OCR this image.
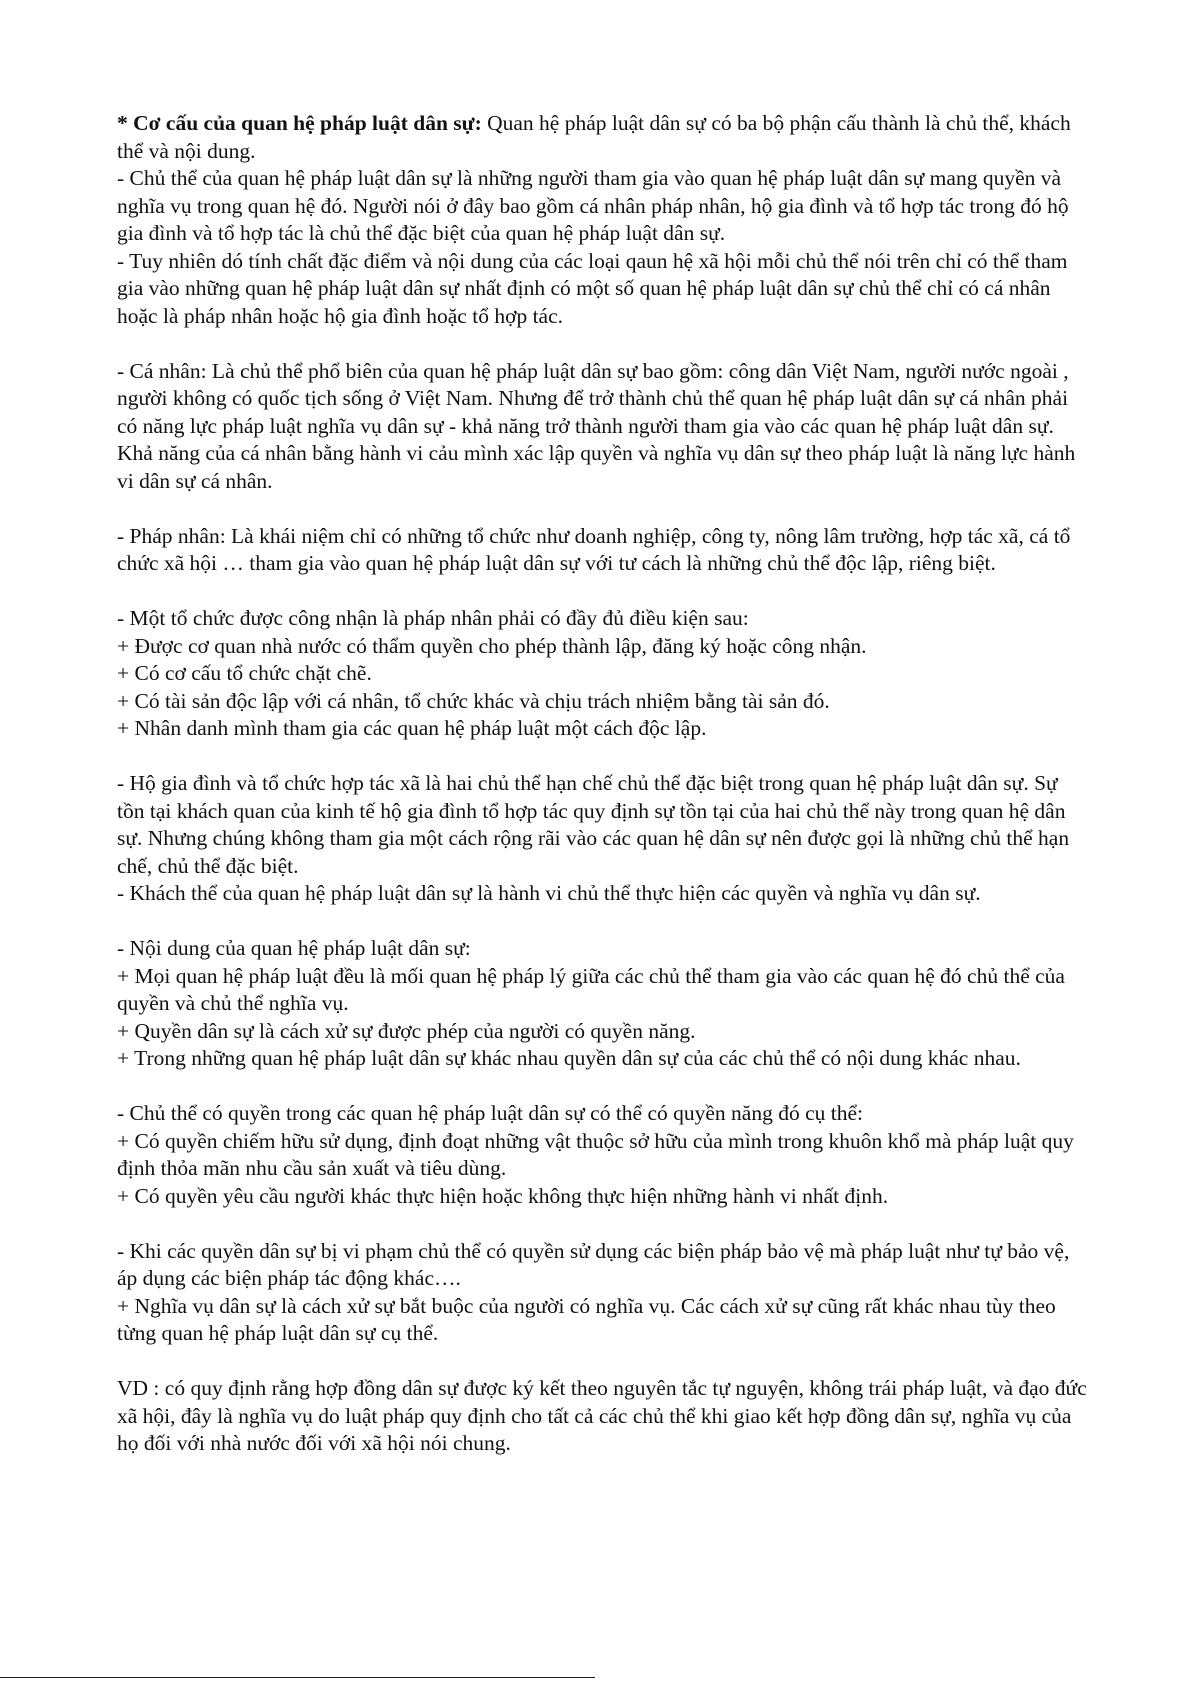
* Cơ cấu của quan hệ pháp luật dân sự: Quan hệ pháp luật dân sự có ba bộ phận cấu thành là chủ thể, khách thể và nội dung.

- Chủ thể của quan hệ pháp luật dân sự là những người tham gia vào quan hệ pháp luật dân sự mang quyền và nghĩa vụ trong quan hệ đó. Người nói ở đây bao gồm cá nhân pháp nhân, hộ gia đình và tổ hợp tác trong đó hộ gia đình và tổ hợp tác là chủ thể đặc biệt của quan hệ pháp luật dân sự.

- Tuy nhiên dó tính chất đặc điểm và nội dung của các loại qaun hệ xã hội mỗi chủ thể nói trên chỉ có thể tham gia vào những quan hệ pháp luật dân sự nhất định có một số quan hệ pháp luật dân sự chủ thể chỉ có cá nhân hoặc là pháp nhân hoặc hộ gia đình hoặc tổ hợp tác.

- Cá nhân: Là chủ thể phổ biên của quan hệ pháp luật dân sự bao gồm: công dân Việt Nam, người nước ngoài , người không có quốc tịch sống ở Việt Nam. Nhưng để trở thành chủ thể quan hệ pháp luật dân sự cá nhân phải có năng lực pháp luật nghĩa vụ dân sự - khả năng trở thành người tham gia vào các quan hệ pháp luật dân sự. Khả năng của cá nhân bằng hành vi cảu mình xác lập quyền và nghĩa vụ dân sự theo pháp luật là năng lực hành vi dân sự cá nhân.

- Pháp nhân: Là khái niệm chỉ có những tổ chức như doanh nghiệp, công ty, nông lâm trường, hợp tác xã, cá tổ chức xã hội … tham gia vào quan hệ pháp luật dân sự với tư cách là những chủ thể độc lập, riêng biệt.

- Một tổ chức được công nhận là pháp nhân phải có đầy đủ điều kiện sau:

+ Được cơ quan nhà nước có thẩm quyền cho phép thành lập, đăng ký hoặc công nhận.

+ Có cơ cấu tổ chức chặt chẽ.

+ Có tài sản độc lập với cá nhân, tổ chức khác và chịu trách nhiệm bằng tài sản đó.

+ Nhân danh mình tham gia các quan hệ pháp luật một cách độc lập.

- Hộ gia đình và tổ chức hợp tác xã là hai chủ thể hạn chế chủ thể đặc biệt trong quan hệ pháp luật dân sự. Sự tồn tại khách quan của kinh tế hộ gia đình tổ hợp tác quy định sự tồn tại của hai chủ thể này trong quan hệ dân sự. Nhưng chúng không tham gia một cách rộng rãi vào các quan hệ dân sự nên được gọi là những chủ thể hạn chế, chủ thể đặc biệt.

- Khách thể của quan hệ pháp luật dân sự là hành vi chủ thể thực hiện các quyền và nghĩa vụ dân sự.

- Nội dung của quan hệ pháp luật dân sự:

+ Mọi quan hệ pháp luật đều là mối quan hệ pháp lý giữa các chủ thể tham gia vào các quan hệ đó chủ thể của quyền và chủ thể nghĩa vụ.

+ Quyền dân sự là cách xử sự được phép của người có quyền năng.

+ Trong những quan hệ pháp luật dân sự khác nhau quyền dân sự của các chủ thể có nội dung khác nhau.

- Chủ thể có quyền trong các quan hệ pháp luật dân sự có thể có quyền năng đó cụ thể:

+ Có quyền chiếm hữu sử dụng, định đoạt những vật thuộc sở hữu của mình trong khuôn khổ mà pháp luật quy định thỏa mãn nhu cầu sản xuất và tiêu dùng.

+ Có quyền yêu cầu người khác thực hiện hoặc không thực hiện những hành vi nhất định.

- Khi các quyền dân sự bị vi phạm chủ thể có quyền sử dụng các biện pháp bảo vệ mà pháp luật như tự bảo vệ, áp dụng các biện pháp tác động khác….

+ Nghĩa vụ dân sự là cách xử sự bắt buộc của người có nghĩa vụ. Các cách xử sự cũng rất khác nhau tùy theo từng quan hệ pháp luật dân sự cụ thể.

VD : có quy định rằng hợp đồng dân sự được ký kết theo nguyên tắc tự nguyện, không trái pháp luật, và đạo đức xã hội, đây là nghĩa vụ do luật pháp quy định cho tất cả các chủ thể khi giao kết hợp đồng dân sự, nghĩa vụ của họ đối với nhà nước đối với xã hội nói chung.
